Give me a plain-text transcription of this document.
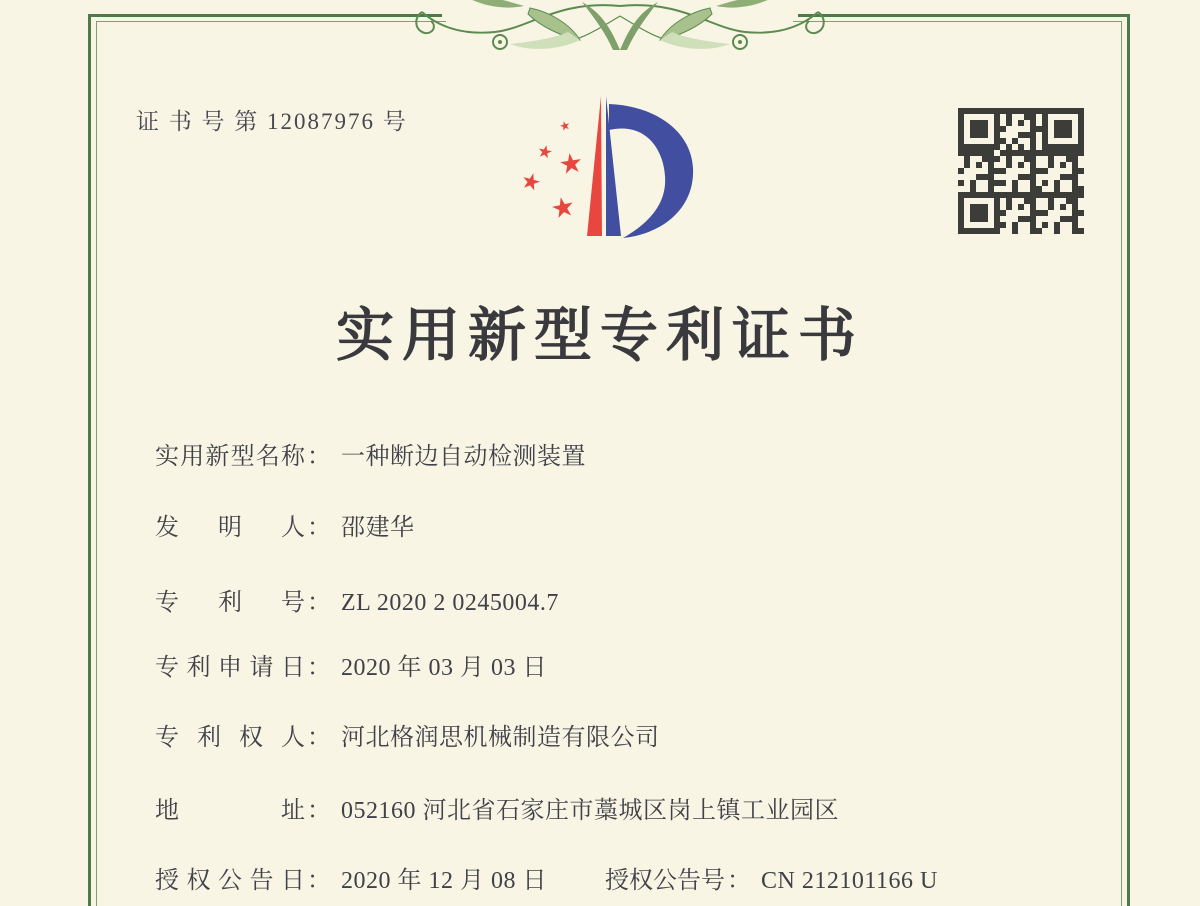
证 书 号 第 12087976 号
实用新型专利证书
实用新型名称： 一种断边自动检测装置
发明人： 邵建华
专利号： ZL 2020 2 0245004.7
专利申请日： 2020 年 03 月 03 日
专利权人： 河北格润思机械制造有限公司
地址： 052160 河北省石家庄市藁城区岗上镇工业园区
授权公告日： 2020 年 12 月 08 日 授权公告号： CN 212101166 U
